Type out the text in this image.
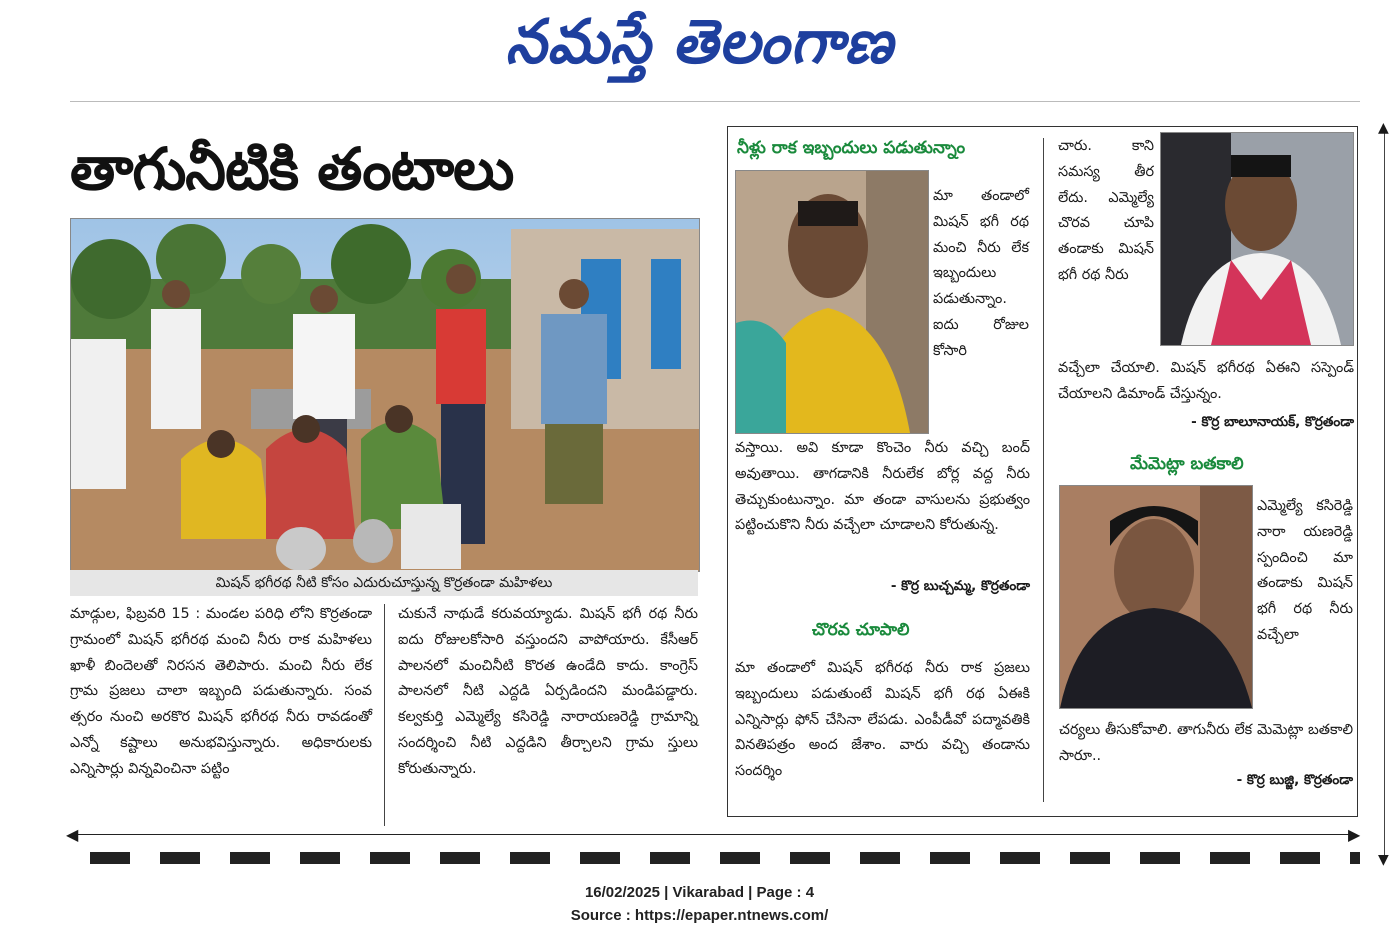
నమస్తే తెలంగాణ
▲
▼
◀	▶
తాగునీటికి తంటాలు
మిషన్ భగీరథ నీటి కోసం ఎదురుచూస్తున్న కొర్రతండా మహిళలు

మాడ్గుల, ఫిబ్రవరి 15 : మండల పరిధి లోని కొర్రతండా గ్రామంలో మిషన్ భగీరథ మంచి నీరు రాక మహిళలు ఖాళీ బిందెలతో నిరసన తెలిపారు. మంచి నీరు లేక గ్రామ ప్రజలు చాలా ఇబ్బంది పడుతున్నారు. సంవ త్సరం నుంచి అరకొర మిషన్ భగీరథ నీరు రావడంతో ఎన్నో కష్టాలు అనుభవిస్తున్నారు. అధికారులకు ఎన్నిసార్లు విన్నవించినా పట్టిం

చుకునే నాథుడే కరువయ్యాడు. మిషన్ భగీ రథ నీరు ఐదు రోజులకోసారి వస్తుందని వాపోయారు. కేసీఆర్ పాలనలో మంచినీటి కొరత ఉండేది కాదు. కాంగ్రెస్ పాలనలో నీటి ఎద్దడి ఏర్పడిందని మండిపడ్డారు. కల్వకుర్తి ఎమ్మెల్యే కసిరెడ్డి నారాయణరెడ్డి గ్రామాన్ని సందర్శించి నీటి ఎద్దడిని తీర్చాలని గ్రామ స్తులు కోరుతున్నారు.

నీళ్లు రాక ఇబ్బందులు పడుతున్నాం

మా తండాలో మిషన్ భగీ రథ మంచి నీరు లేక ఇబ్బందులు పడుతున్నాం. ఐదు రోజుల కోసారి

వస్తాయి. అవి కూడా కొంచెం నీరు వచ్చి బంద్ అవుతాయి. తాగడానికి నీరులేక బోర్ల వద్ద నీరు తెచ్చుకుంటున్నాం. మా తండా వాసులను ప్రభుత్వం పట్టించుకొని నీరు వచ్చేలా చూడాలని కోరుతున్న.

- కొర్ర బుచ్చమ్మ, కొర్రతండా
చొరవ చూపాలి

మా తండాలో మిషన్ భగీరథ నీరు రాక ప్రజలు ఇబ్బందులు పడుతుంటే మిషన్ భగీ రథ ఏఈకి ఎన్నిసార్లు ఫోన్ చేసినా లేపడు. ఎంపీడీవో పద్మావతికి వినతిపత్రం అంద జేశాం. వారు వచ్చి తండాను సందర్శిం

చారు. కాని సమస్య తీర లేదు. ఎమ్మెల్యే చొరవ చూపి తండాకు మిషన్ భగీ రథ నీరు

వచ్చేలా చేయాలి. మిషన్ భగీరథ ఏఈని సస్పెండ్ చేయాలని డిమాండ్ చేస్తున్నం.

- కొర్ర బాలూనాయక్, కొర్రతండా
మేమెట్లా బతకాలి

ఎమ్మెల్యే కసిరెడ్డి నారా యణరెడ్డి స్పందించి మా తండాకు మిషన్ భగీ రథ నీరు వచ్చేలా

చర్యలు తీసుకోవాలి. తాగునీరు లేక మెమెట్లా బతకాలి సారూ..

- కొర్ర బుజ్జి, కొర్రతండా
16/02/2025 | Vikarabad | Page : 4
Source : https://epaper.ntnews.com/
